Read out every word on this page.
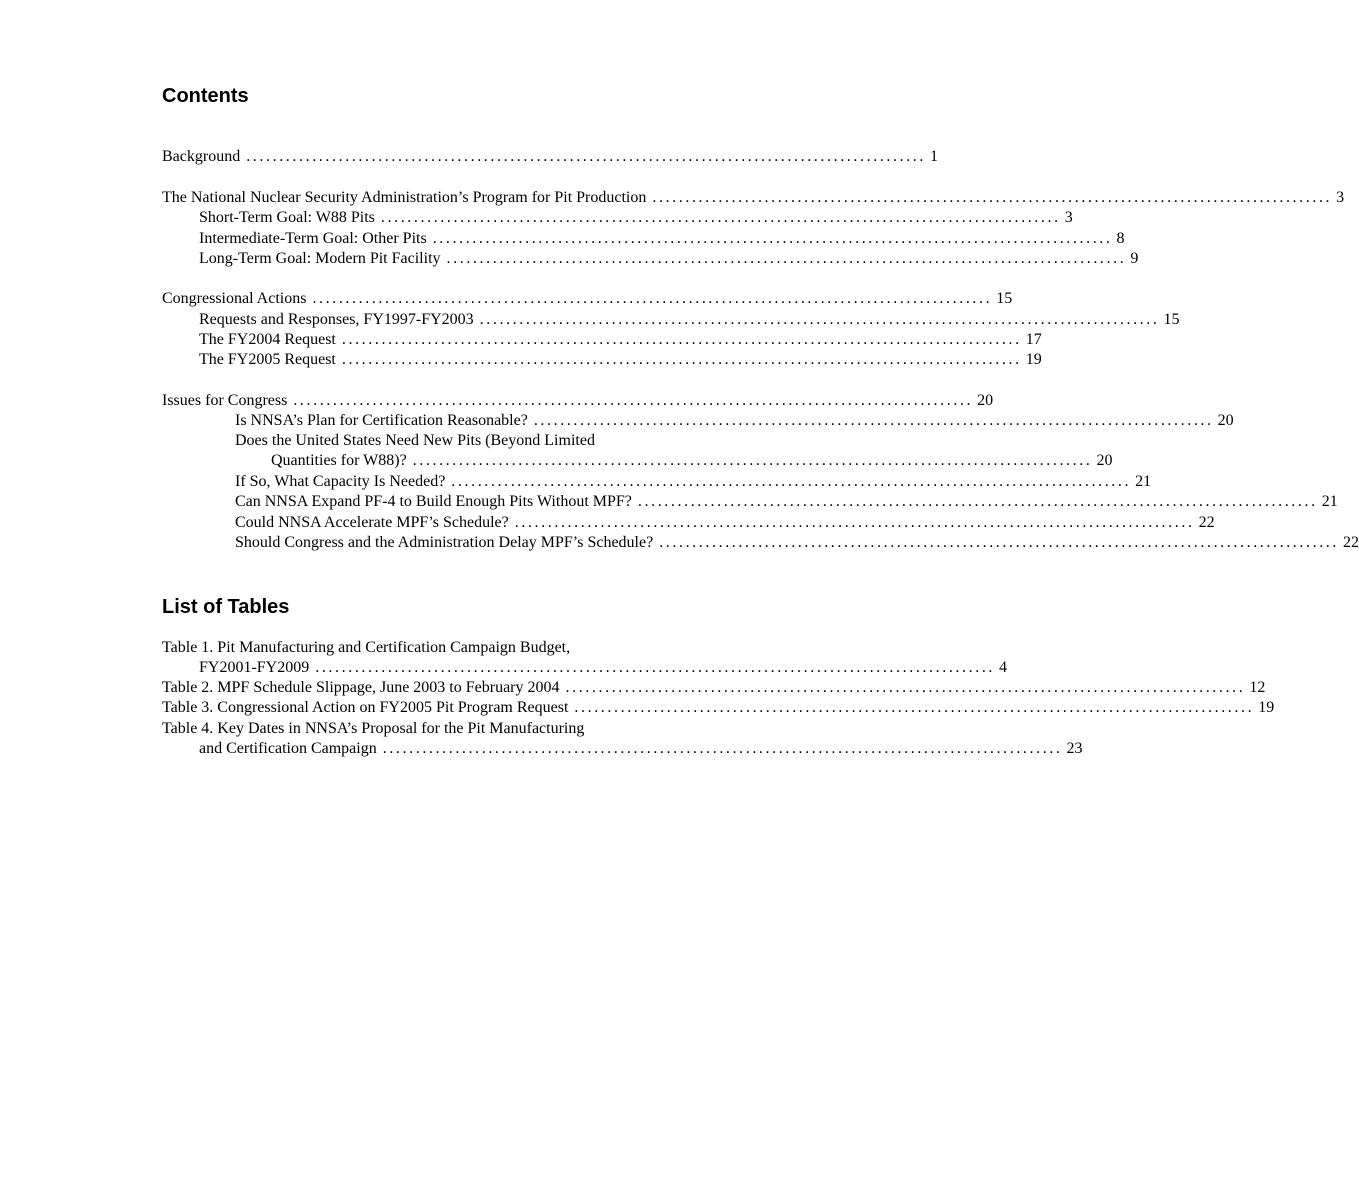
Contents
Background ....................................................................................................... 1
The National Nuclear Security Administration’s Program for Pit Production ....................................................................................................... 3
Short-Term Goal: W88 Pits ....................................................................................................... 3
Intermediate-Term Goal: Other Pits ....................................................................................................... 8
Long-Term Goal: Modern Pit Facility ....................................................................................................... 9
Congressional Actions ....................................................................................................... 15
Requests and Responses, FY1997-FY2003 ....................................................................................................... 15
The FY2004 Request ....................................................................................................... 17
The FY2005 Request ....................................................................................................... 19
Issues for Congress ....................................................................................................... 20
Is NNSA’s Plan for Certification Reasonable? ....................................................................................................... 20
Does the United States Need New Pits (Beyond Limited
Quantities for W88)? ....................................................................................................... 20
If So, What Capacity Is Needed? ....................................................................................................... 21
Can NNSA Expand PF-4 to Build Enough Pits Without MPF? ....................................................................................................... 21
Could NNSA Accelerate MPF’s Schedule? ....................................................................................................... 22
Should Congress and the Administration Delay MPF’s Schedule? ....................................................................................................... 22
List of Tables
Table 1. Pit Manufacturing and Certification Campaign Budget,
FY2001-FY2009 ....................................................................................................... 4
Table 2. MPF Schedule Slippage, June 2003 to February 2004 ....................................................................................................... 12
Table 3. Congressional Action on FY2005 Pit Program Request ....................................................................................................... 19
Table 4. Key Dates in NNSA’s Proposal for the Pit Manufacturing
and Certification Campaign ....................................................................................................... 23
